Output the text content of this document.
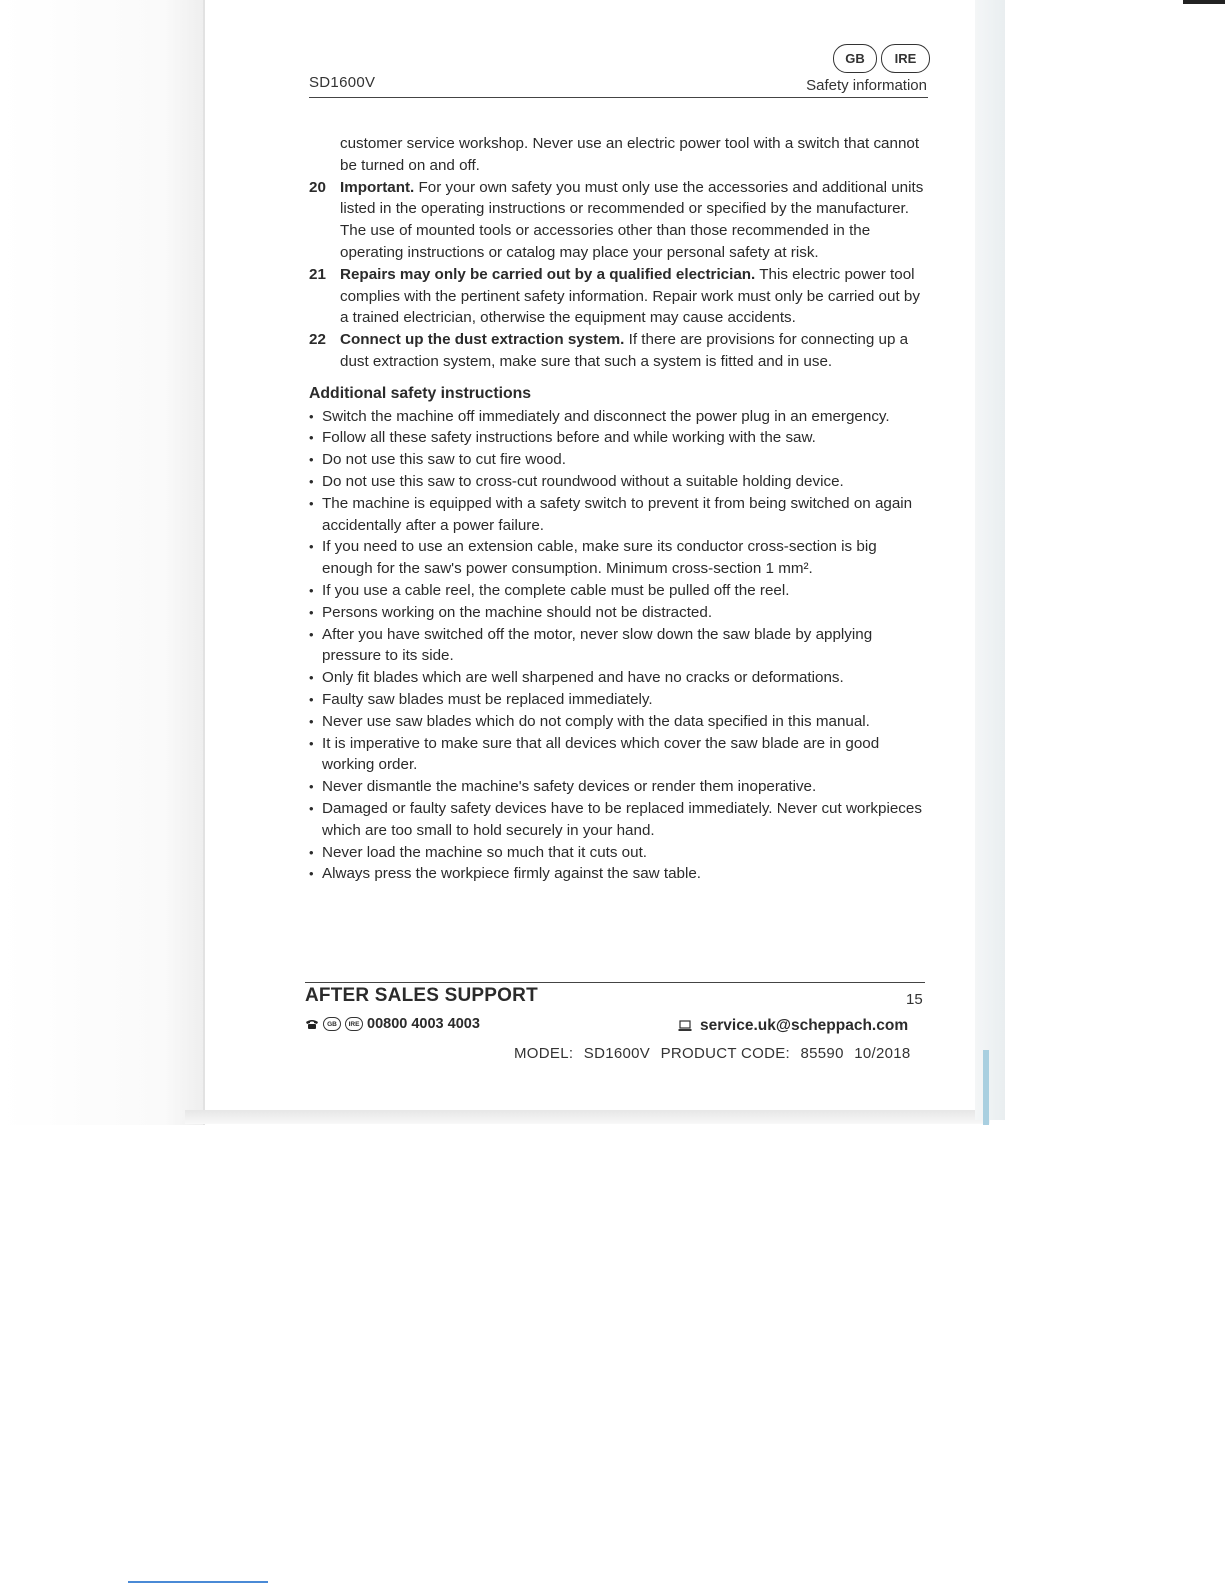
SD1600V
GB	IRE
Safety information
customer service workshop. Never use an electric power tool with a switch that cannot be turned on and off.
20 Important. For your own safety you must only use the accessories and additional units listed in the operating instructions or recommended or specified by the manufacturer. The use of mounted tools or accessories other than those recommended in the operating instructions or catalog may place your personal safety at risk.
21 Repairs may only be carried out by a qualified electrician. This electric power tool complies with the pertinent safety information. Repair work must only be carried out by a trained electrician, otherwise the equipment may cause accidents.
22 Connect up the dust extraction system. If there are provisions for connecting up a dust extraction system, make sure that such a system is fitted and in use.
Additional safety instructions
• Switch the machine off immediately and disconnect the power plug in an emergency.
• Follow all these safety instructions before and while working with the saw.
• Do not use this saw to cut fire wood.
• Do not use this saw to cross-cut roundwood without a suitable holding device.
• The machine is equipped with a safety switch to prevent it from being switched on again accidentally after a power failure.
• If you need to use an extension cable, make sure its conductor cross-section is big enough for the saw's power consumption. Minimum cross-section 1 mm².
• If you use a cable reel, the complete cable must be pulled off the reel.
• Persons working on the machine should not be distracted.
• After you have switched off the motor, never slow down the saw blade by applying pressure to its side.
• Only fit blades which are well sharpened and have no cracks or deformations.
• Faulty saw blades must be replaced immediately.
• Never use saw blades which do not comply with the data specified in this manual.
• It is imperative to make sure that all devices which cover the saw blade are in good working order.
• Never dismantle the machine's safety devices or render them inoperative.
• Damaged or faulty safety devices have to be replaced immediately. Never cut workpieces which are too small to hold securely in your hand.
• Never load the machine so much that it cuts out.
• Always press the workpiece firmly against the saw table.
AFTER SALES SUPPORT	15
GB	IRE 00800 4003 4003	service.uk@scheppach.com
MODEL: SD1600V PRODUCT CODE: 85590 10/2018
